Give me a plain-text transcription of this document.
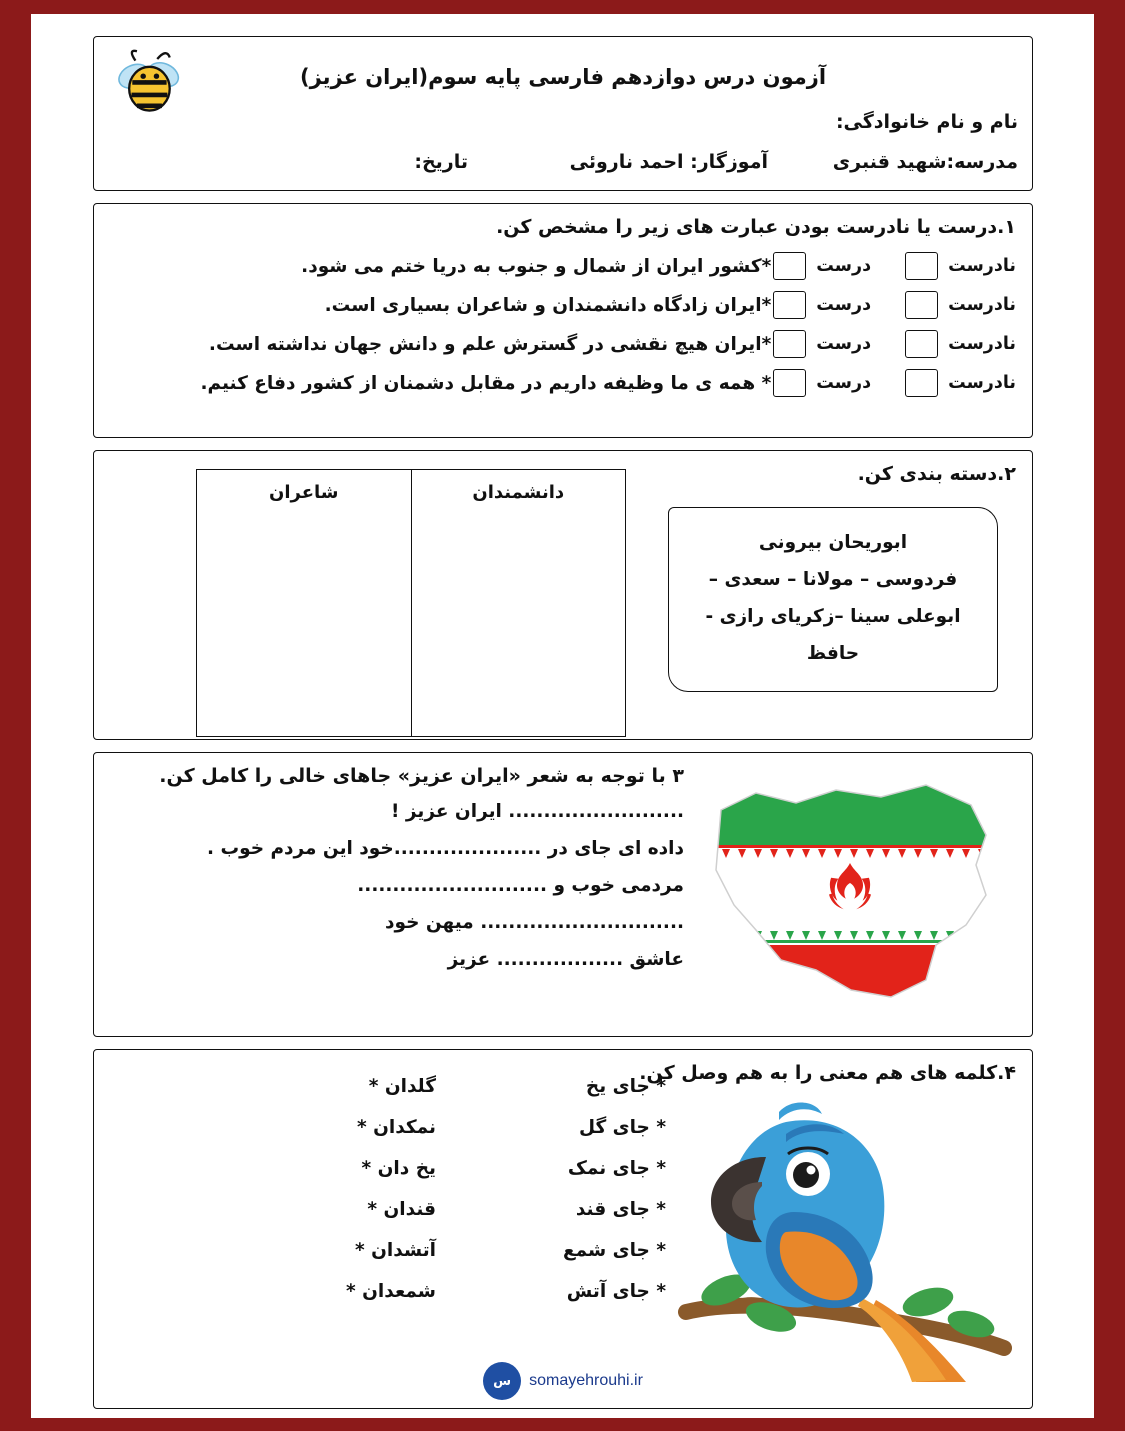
آزمون درس دوازدهم فارسی پایه سوم(ایران عزیز)
نام و نام خانوادگی:
مدرسه:شهید قنبری
آموزگار: احمد ناروئی
تاریخ:
۱.درست یا نادرست بودن عبارت های زیر را مشخص کن.
نادرست
درست
*کشور ایران از شمال و جنوب به دریا ختم می شود.
نادرست
درست
*ایران زادگاه دانشمندان و شاعران بسیاری است.
نادرست
درست
*ایران هیچ نقشی در گسترش علم و دانش جهان نداشته است.
نادرست
درست
* همه ی ما وظیفه داریم در مقابل دشمنان از کشور دفاع کنیم.
۲.دسته بندی کن.
ابوریحان بیرونی
فردوسی – مولانا – سعدی –
ابوعلی سینا –زکریای رازی -
حافظ
دانشمندان
شاعران
۳ با توجه به شعر «ایران عزیز» جاهای خالی را کامل کن.
......................... ایران عزیز !
داده ای جای در .....................خود این مردم خوب .
مردمی خوب و ...........................
............................. میهن خود
عاشق .................. عزیز
* جای یخ
* جای گل
* جای نمک
* جای قند
* جای شمع
* جای آتش
۴.کلمه های هم معنی را به هم وصل کن.
گلدان *
نمکدان *
یخ دان *
قندان *
آتشدان *
شمعدان *
س	somayehrouhi.ir
